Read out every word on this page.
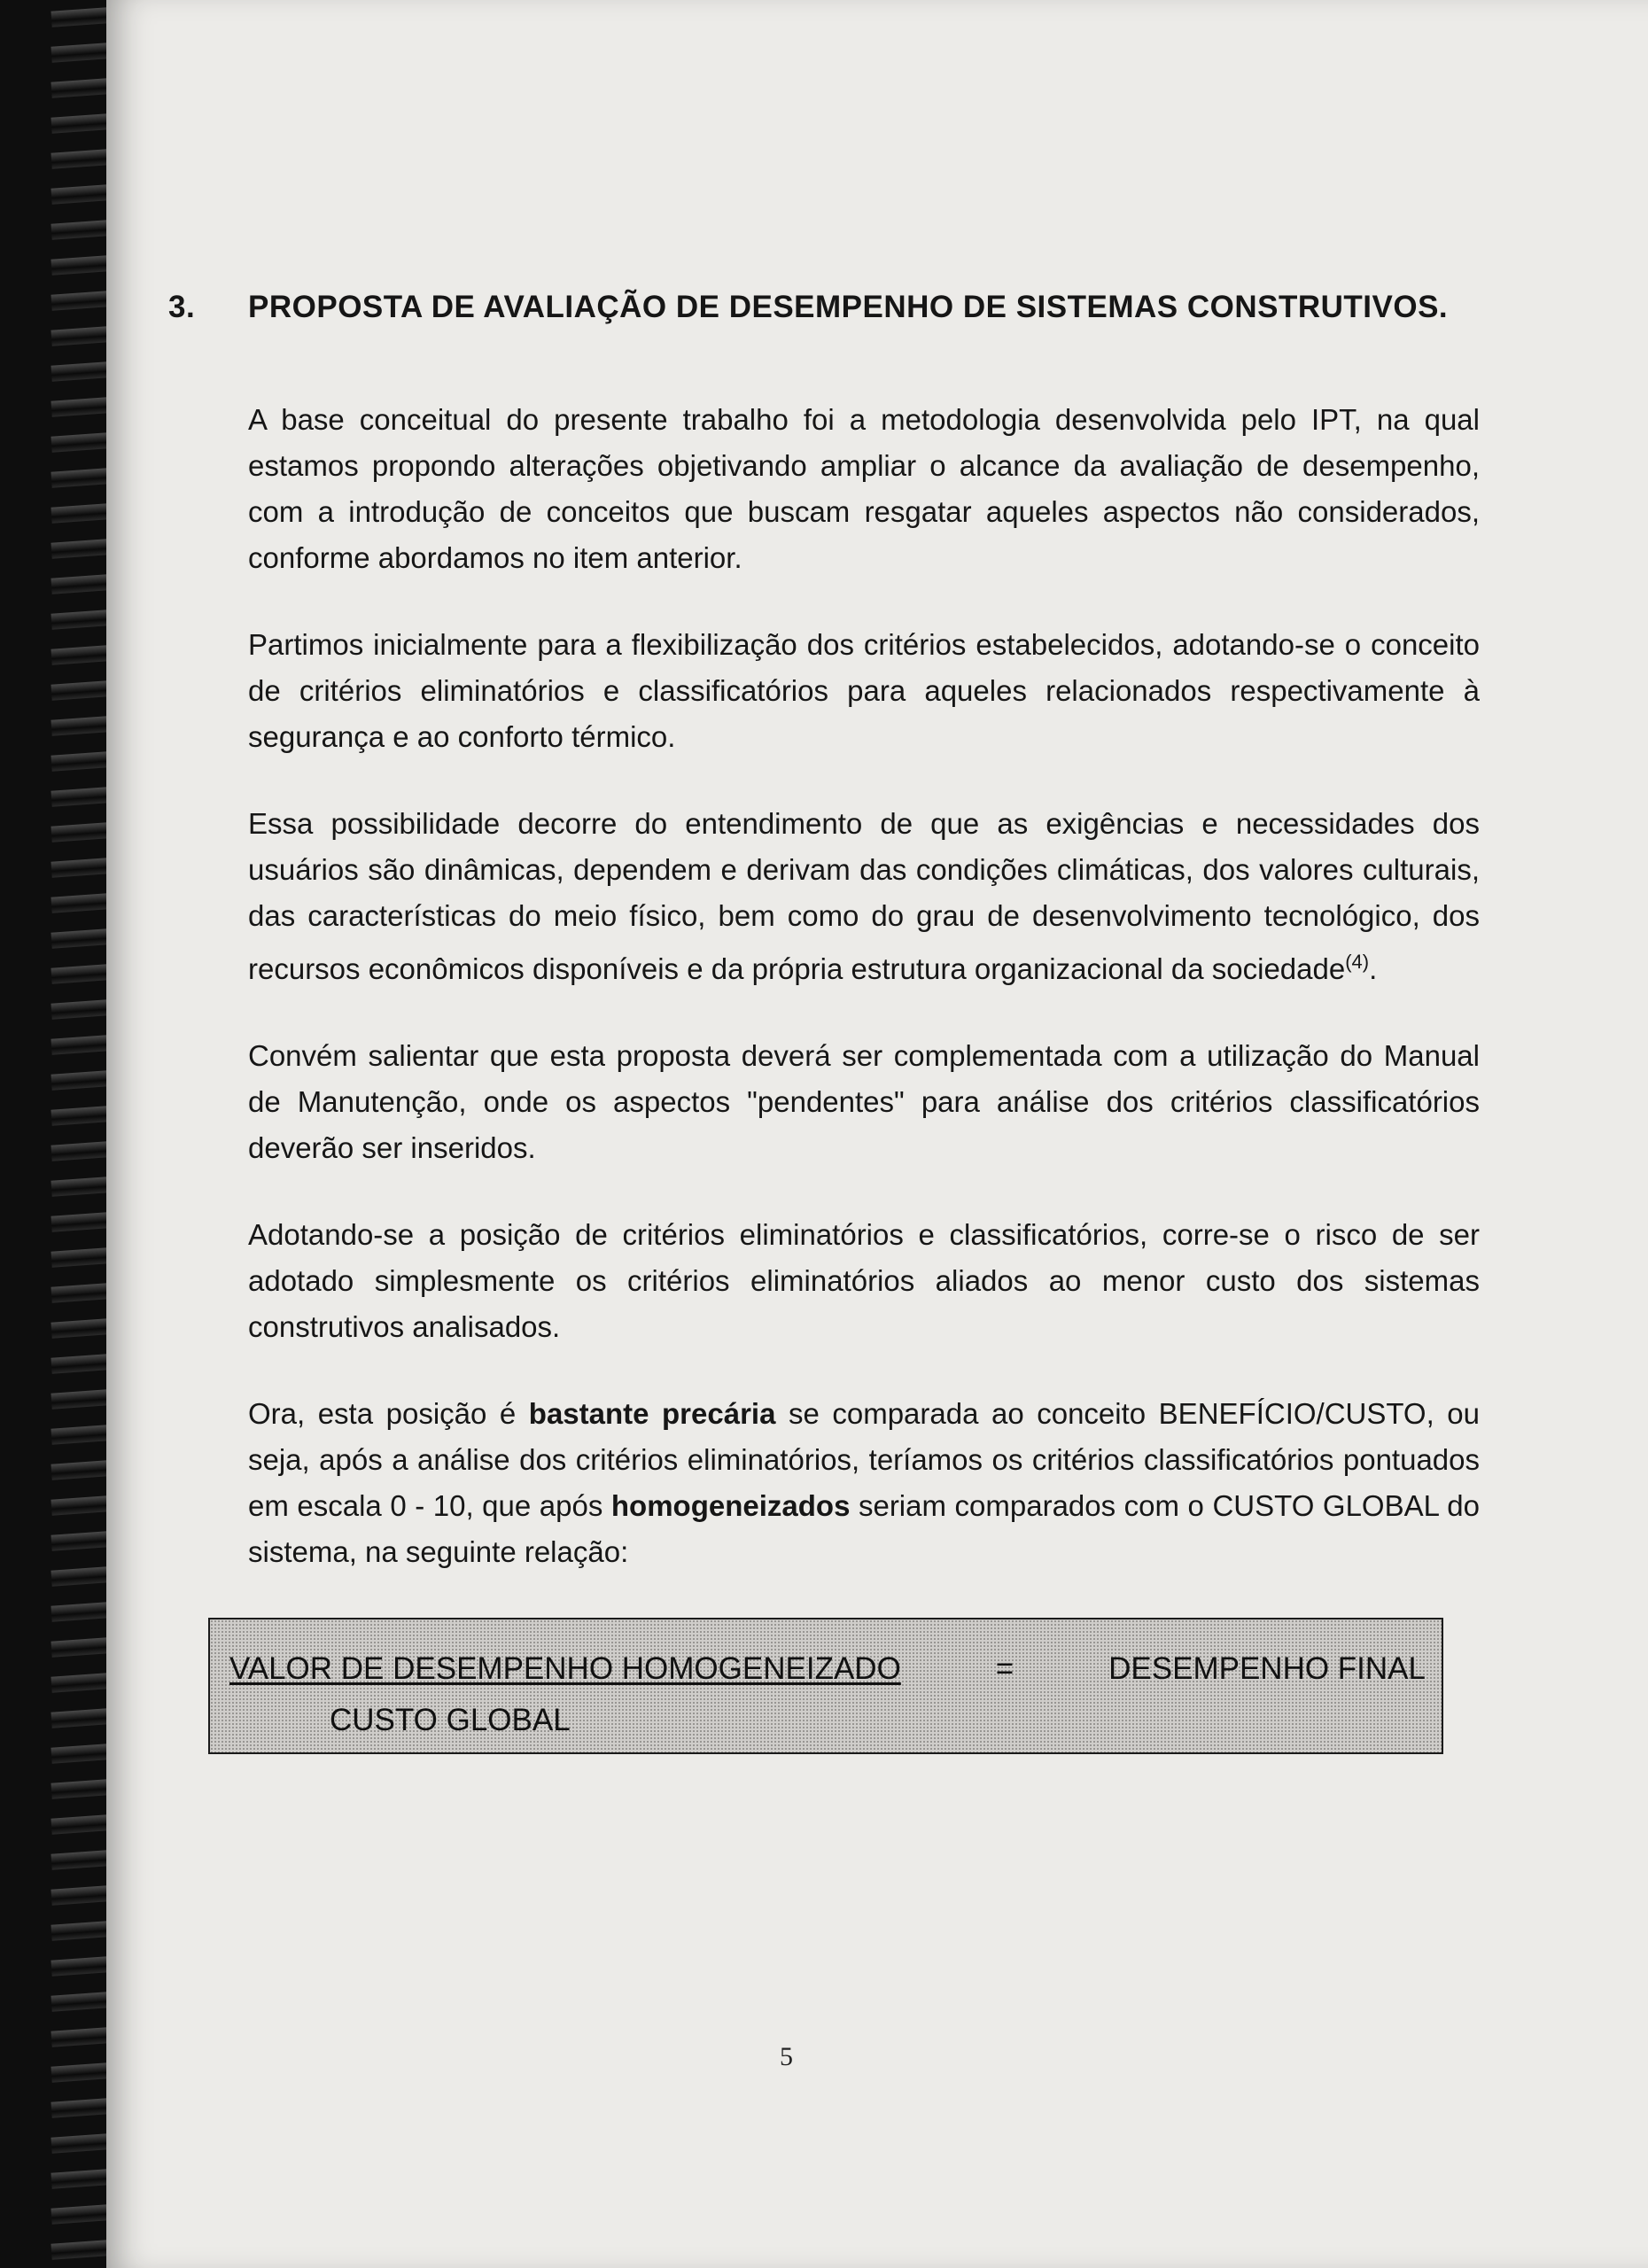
3.	PROPOSTA DE AVALIAÇÃO DE DESEMPENHO DE SISTEMAS CONSTRUTIVOS.

A base conceitual do presente trabalho foi a metodologia desenvolvida pelo IPT, na qual estamos propondo alterações objetivando ampliar o alcance da avaliação de desempenho, com a introdução de conceitos que buscam resgatar aqueles aspectos não considerados, conforme abordamos no item anterior.

Partimos inicialmente para a flexibilização dos critérios estabelecidos, adotando-se o conceito de critérios eliminatórios e classificatórios para aqueles relacionados respectivamente à segurança e ao conforto térmico.

Essa possibilidade decorre do entendimento de que as exigências e necessidades dos usuários são dinâmicas, dependem e derivam das condições climáticas, dos valores culturais, das características do meio físico, bem como do grau de desenvolvimento tecnológico, dos recursos econômicos disponíveis e da própria estrutura organizacional da sociedade$^{(4)}$.

Convém salientar que esta proposta deverá ser complementada com a utilização do Manual de Manutenção, onde os aspectos "pendentes" para análise dos critérios classificatórios deverão ser inseridos.

Adotando-se a posição de critérios eliminatórios e classificatórios, corre-se o risco de ser adotado simplesmente os critérios eliminatórios aliados ao menor custo dos sistemas construtivos analisados.

Ora, esta posição é bastante precária se comparada ao conceito BENEFÍCIO/CUSTO, ou seja, após a análise dos critérios eliminatórios, teríamos os critérios classificatórios pontuados em escala 0 - 10, que após homogeneizados seriam comparados com o CUSTO GLOBAL do sistema, na seguinte relação:

VALOR DE DESEMPENHO HOMOGENEIZADO	=	DESEMPENHO FINAL
CUSTO GLOBAL
5
